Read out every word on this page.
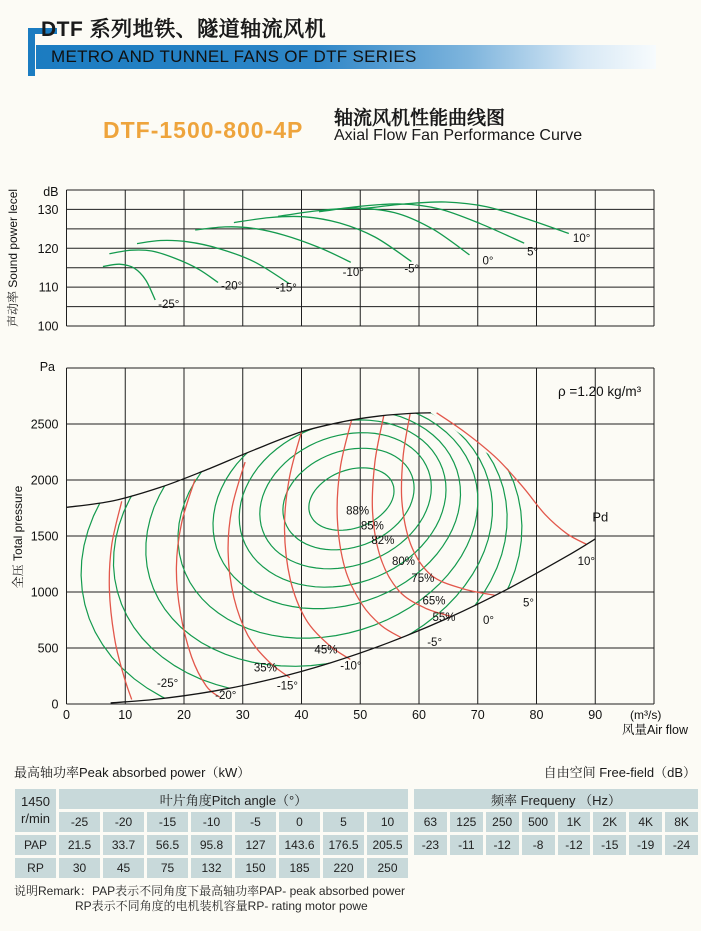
DTF 系列地铁、隧道轴流风机
METRO AND TUNNEL FANS OF DTF SERIES
DTF-1500-800-4P 轴流风机性能曲线图
Axial Flow Fan Performance Curve
100
110
120
130
dB
声动率 Sound power lecel	-25°
-20°	-15°
-10°	-5°
0°
5°
10°
-25°
-20°
-15°
-10°
-5°
0°
5°
10°
88%
85%
82%
80%
75%
65%
55%
45%
35%
Pd
Pa
0
500
1000
1500
2000
2500
0	10	20	30	40	50	60	70	80	90 (m³/s)
风量Air flow
全压 Total pressure
ρ =1.20 kg/m³
最高轴功率Peak absorbed power（kW）	自由空间 Free-field（dB）
1450
r/min	叶片角度Pitch angle（°）							
	-25	-20	-15	-10	-5	0	5	10
PAP	21.5	33.7	56.5	95.8	127	143.6	176.5	205.5
RP	30	45	75	132	150	185	220	250
频率 Frequeny （Hz）							
63	125	250	500	1K	2K	4K	8K
-23	-11	-12	-8	-12	-15	-19	-24

说明Remark：PAP表示不同角度下最高轴功率PAP- peak absorbed power
RP表示不同角度的电机装机容量RP- rating motor powe
